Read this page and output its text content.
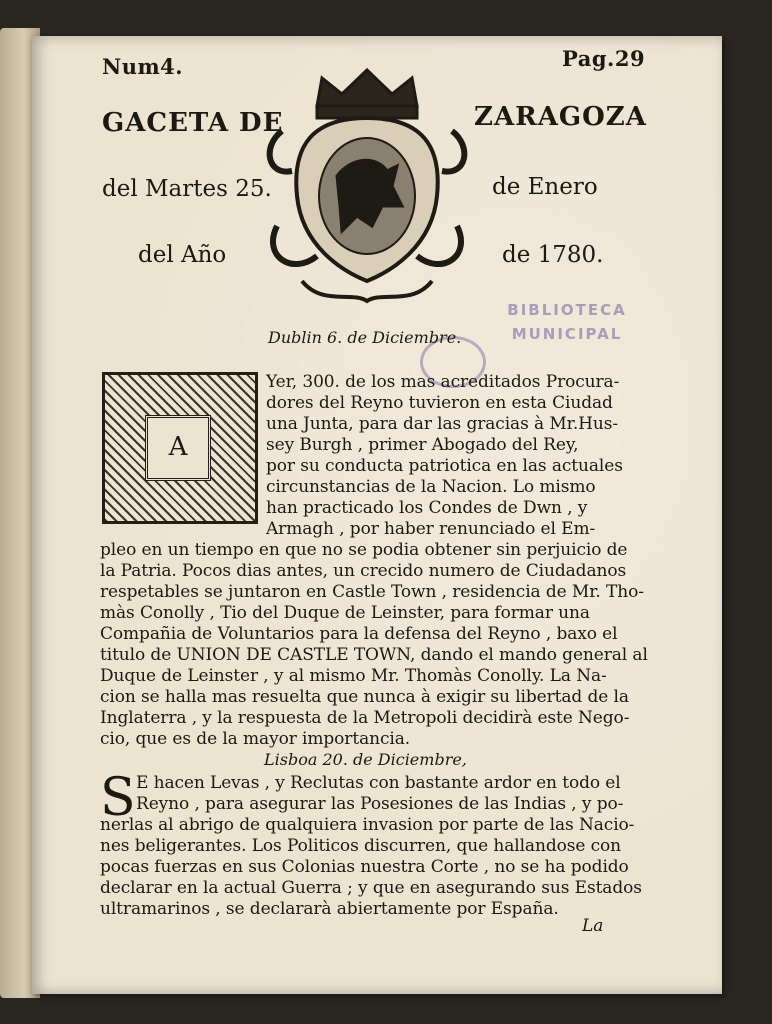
Num4.	Pag.29
GACETA DE	ZARAGOZA
del Martes 25.	de Enero
del Año	de 1780.
BIBLIOTECA
MUNICIPAL
Dublin 6. de Diciembre.
A
Yer, 300. de los mas acreditados Procura-
dores del Reyno tuvieron en esta Ciudad
una Junta, para dar las gracias à Mr.Hus-
sey Burgh , primer Abogado del Rey,
por su conducta patriotica en las actuales
circunstancias de la Nacion. Lo mismo
han practicado los Condes de Dwn , y
Armagh , por haber renunciado el Em-
pleo en un tiempo en que no se podia obtener sin perjuicio de
la Patria. Pocos dias antes, un crecido numero de Ciudadanos
respetables se juntaron en Castle Town , residencia de Mr. Tho-
màs Conolly , Tio del Duque de Leinster, para formar una
Compañia de Voluntarios para la defensa del Reyno , baxo el
titulo de UNION DE CASTLE TOWN, dando el mando general al
Duque de Leinster , y al mismo Mr. Thomàs Conolly. La Na-
cion se halla mas resuelta que nunca à exigir su libertad de la
Inglaterra , y la respuesta de la Metropoli decidirà este Nego-
cio, que es de la mayor importancia.
Lisboa 20. de Diciembre,
S E hacen Levas , y Reclutas con bastante ardor en todo el
Reyno , para asegurar las Posesiones de las Indias , y po-
nerlas al abrigo de qualquiera invasion por parte de las Nacio-
nes beligerantes. Los Politicos discurren, que hallandose con
pocas fuerzas en sus Colonias nuestra Corte , no se ha podido
declarar en la actual Guerra ; y que en asegurando sus Estados
ultramarinos , se declararà abiertamente por España.
La
